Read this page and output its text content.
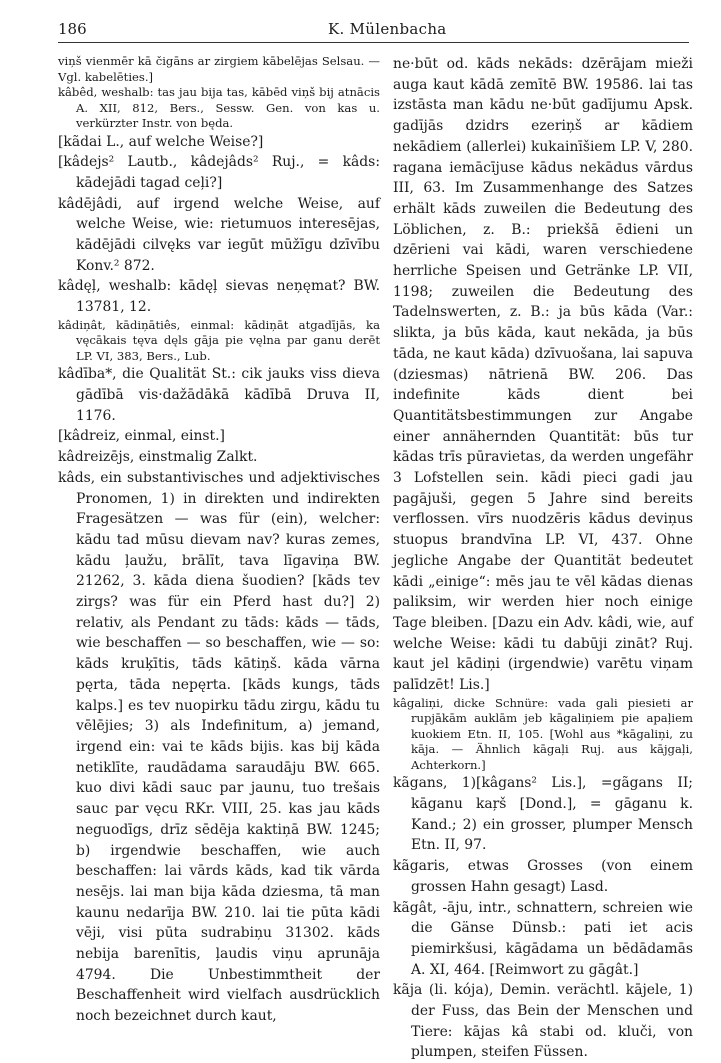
186	K. Mülenbacha

viņš vienmēr kā čigāns ar zirgiem kābelējas Selsau. — Vgl. kabelēties.]

kâbêd, weshalb: tas jau bija tas, kābēd viņš bij atnācis A. XII, 812, Bers., Sessw. Gen. von kas u. verkürzter Instr. von będa.

[kãdai L., auf welche Weise?]

[kâdejs² Lautb., kâdejâds² Ruj., = kâds: kādejādi tagad ceļi?]

kâdējâdi, auf irgend welche Weise, auf welche Weise, wie: rietumuos interesējas, kādējādi cilvęks var iegūt mūžīgu dzīvību Konv.² 872.

kâdęļ, weshalb: kādęļ sievas neņęmat? BW. 13781, 12.

kâdiņât, kādiņātiês, einmal: kādiņāt atgadījās, ka vęcākais tęva dęls gāja pie vęlna par ganu derēt LP. VI, 383, Bers., Lub.

kâdība*, die Qualität St.: cik jauks viss dieva gādībā vis·dažādākā kādībā Druva II, 1176.

[kâdreiz, einmal, einst.]

kâdreizējs, einstmalig Zalkt.

kâds, ein substantivisches und adjektivisches Pronomen, 1) in direkten und indirekten Fragesätzen — was für (ein), welcher: kādu tad mūsu dievam nav? kuras zemes, kādu ļaužu, brālīt, tava līgaviņa BW. 21262, 3. kāda diena šuodien? [kāds tev zirgs? was für ein Pferd hast du?] 2) relativ, als Pendant zu tāds: kāds — tāds, wie beschaffen — so beschaffen, wie — so: kāds kruķītis, tāds kātiņš. kāda vārna pęrta, tāda nepęrta. [kāds kungs, tāds kalps.] es tev nuopirku tādu zirgu, kādu tu vēlējies; 3) als Indefinitum, a) jemand, irgend ein: vai te kāds bijis. kas bij kāda netiklīte, raudādama saraudāju BW. 665. kuo divi kādi sauc par jaunu, tuo trešais sauc par vęcu RKr. VIII, 25. kas jau kāds neguodīgs, drīz sēdēja kaktiņā BW. 1245; b) irgendwie beschaffen, wie auch beschaffen: lai vārds kāds, kad tik vārda nesējs. lai man bija kāda dziesma, tā man kaunu nedarīja BW. 210. lai tie pūta kādi vēji, visi pūta sudrabiņu 31302. kāds nebija barenītis, ļaudis viņu aprunāja 4794. Die Unbestimmtheit der Beschaffenheit wird vielfach ausdrücklich noch bezeichnet durch kaut,

ne·būt od. kāds nekāds: dzērājam mieži auga kaut kādā zemītē BW. 19586. lai tas izstāsta man kādu ne·būt gadījumu Apsk. gadījās dzidrs ezeriņš ar kādiem nekādiem (allerlei) kukainīšiem LP. V, 280. ragana iemācījuse kādus nekādus vārdus III, 63. Im Zusammenhange des Satzes erhält kāds zuweilen die Bedeutung des Löblichen, z. B.: priekšā ēdieni un dzērieni vai kādi, waren verschiedene herrliche Speisen und Getränke LP. VII, 1198; zuweilen die Bedeutung des Tadelnswerten, z. B.: ja būs kāda (Var.: slikta, ja būs kāda, kaut nekāda, ja būs tāda, ne kaut kāda) dzīvuošana, lai sapuva (dziesmas) nātrienā BW. 206. Das indefinite kāds dient bei Quantitätsbestimmungen zur Angabe einer annähernden Quantität: būs tur kādas trīs pūravietas, da werden ungefähr 3 Lofstellen sein. kādi pieci gadi jau pagājuši, gegen 5 Jahre sind bereits verflossen. vīrs nuodzēris kādus deviņus stuopus brandvīna LP. VI, 437. Ohne jegliche Angabe der Quantität bedeutet kādi „einige“: mēs jau te vēl kādas dienas paliksim, wir werden hier noch einige Tage bleiben. [Dazu ein Adv. kâdi, wie, auf welche Weise: kādi tu dabūji zināt? Ruj. kaut jel kādiņi (irgendwie) varētu viņam palīdzēt! Lis.]

kâgaliņi, dicke Schnüre: vada gali piesieti ar rupjākām auklām jeb kāgaliņiem pie apaļiem kuokiem Etn. II, 105. [Wohl aus *kāgaliņi, zu kāja. — Ähnlich kāgaļi Ruj. aus kājgaļi, Achterkorn.]

kãgans, 1)[kâgans² Lis.], =gãgans II; kāganu kaŗš [Dond.], = gāganu k. Kand.; 2) ein grosser, plumper Mensch Etn. II, 97.

kãgaris, etwas Grosses (von einem grossen Hahn gesagt) Lasd.

kãgât, -āju, intr., schnattern, schreien wie die Gänse Dünsb.: pati iet acis piemirkšusi, kāgādama un bēdādamās A. XI, 464. [Reimwort zu gāgât.]

kãja (li. kója), Demin. verächtl. kājele, 1) der Fuss, das Bein der Menschen und Tiere: kājas kâ stabi od. kluči, von plumpen, steifen Füssen.
